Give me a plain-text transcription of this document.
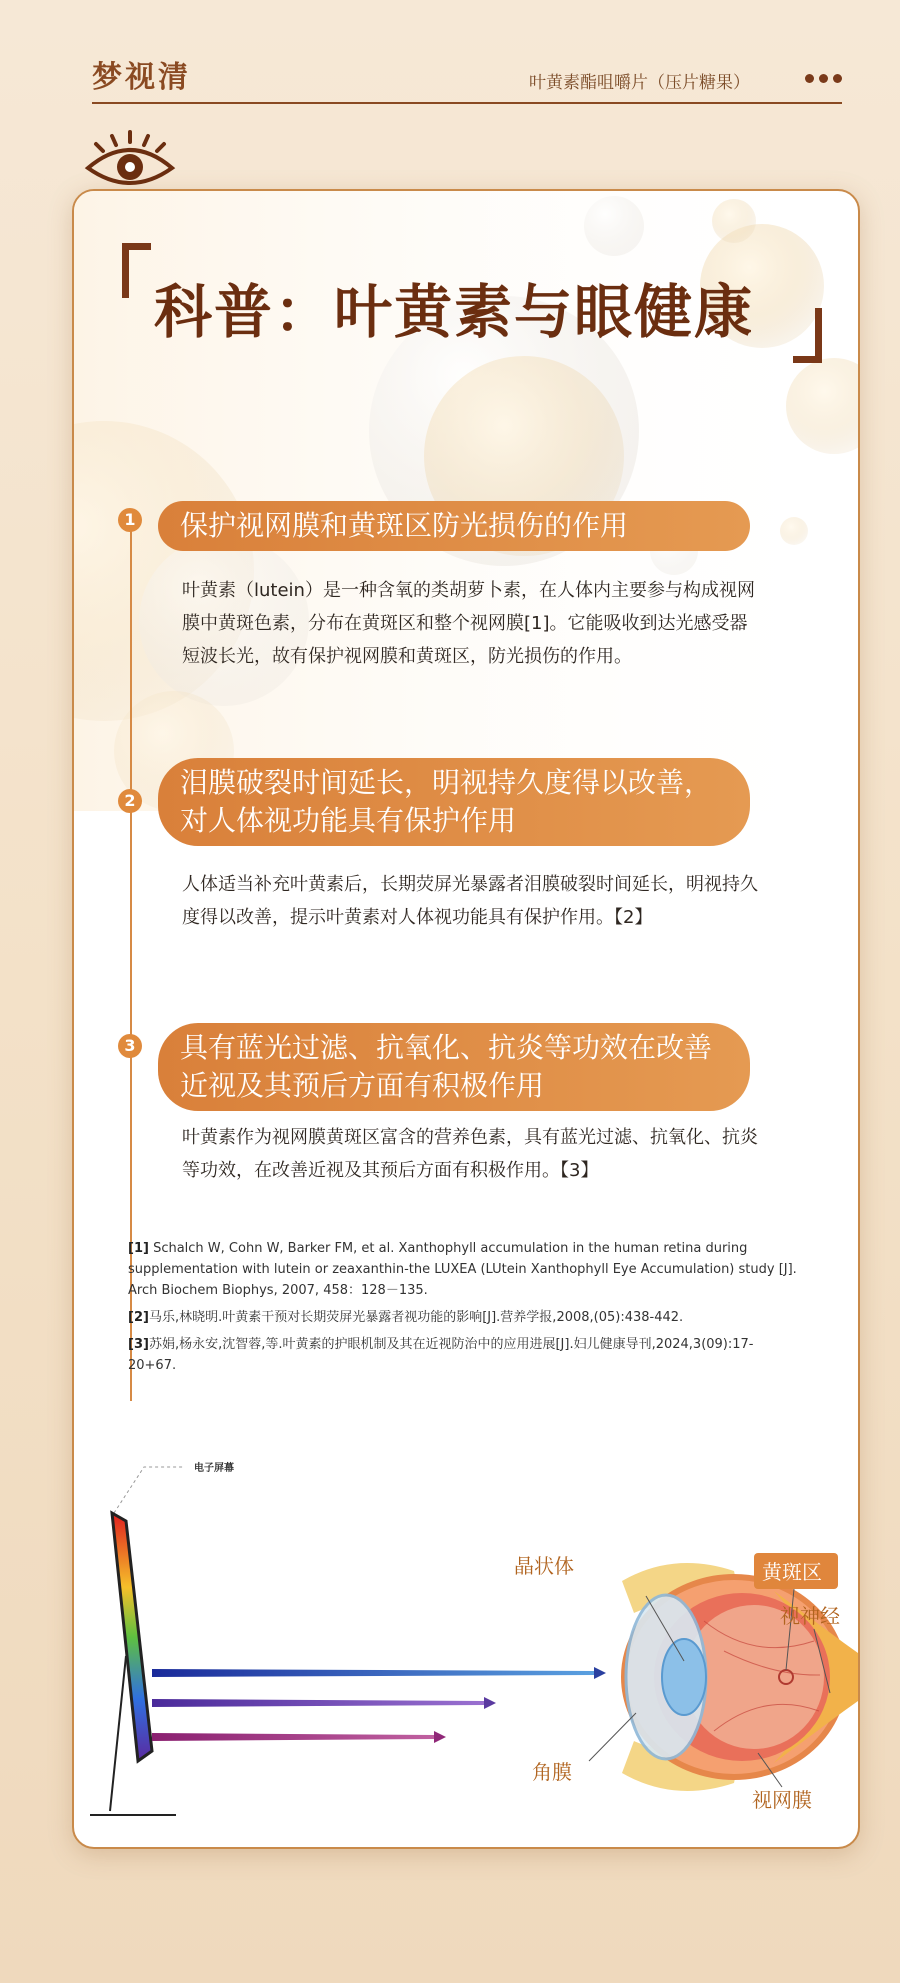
梦视清	叶黄素酯咀嚼片（压片糖果）
科普：叶黄素与眼健康
1	保护视网膜和黄斑区防光损伤的作用
叶黄素（lutein）是一种含氧的类胡萝卜素，在人体内主要参与构成视网膜中黄斑色素，分布在黄斑区和整个视网膜[1]。它能吸收到达光感受器短波长光，故有保护视网膜和黄斑区，防光损伤的作用。
2
泪膜破裂时间延长，明视持久度得以改善，对人体视功能具有保护作用
人体适当补充叶黄素后，长期荧屏光暴露者泪膜破裂时间延长，明视持久度得以改善，提示叶黄素对人体视功能具有保护作用。【2】
3	具有蓝光过滤、抗氧化、抗炎等功效在改善近视及其预后方面有积极作用
叶黄素作为视网膜黄斑区富含的营养色素，具有蓝光过滤、抗氧化、抗炎等功效，在改善近视及其预后方面有积极作用。【3】

[1] Schalch W, Cohn W, Barker FM, et al. Xanthophyll accumulation in the human retina during supplementation with lutein or zeaxanthin-the LUXEA (LUtein Xanthophyll Eye Accumulation) study [J]. Arch Biochem Biophys, 2007, 458：128－135.

[2]马乐,林晓明.叶黄素干预对长期荧屏光暴露者视功能的影响[J].营养学报,2008,(05):438-442.

[3]苏娟,杨永安,沈智蓉,等.叶黄素的护眼机制及其在近视防治中的应用进展[J].妇儿健康导刊,2024,3(09):17-20+67.

电子屏幕
晶状体	黄斑区
视神经
角膜
视网膜
